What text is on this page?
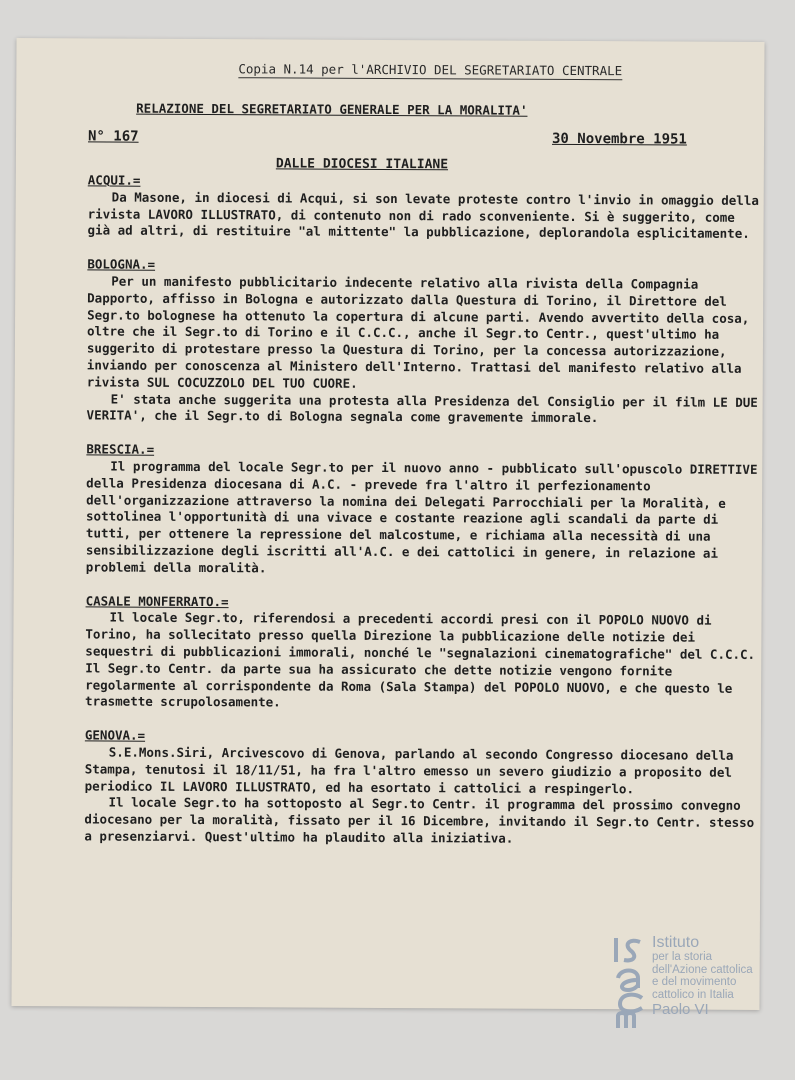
Copia N.14 per l'ARCHIVIO DEL SEGRETARIATO CENTRALE
RELAZIONE DEL SEGRETARIATO GENERALE PER LA MORALITA'
N° 167	30 Novembre 1951
DALLE DIOCESI ITALIANE
ACQUI.=

Da Masone, in diocesi di Acqui, si son levate proteste contro l'invio in omaggio della rivista LAVORO ILLUSTRATO, di contenuto non di rado sconveniente. Si è suggerito, come già ad altri, di restituire "al mittente" la pubblicazione, deplorandola esplicitamente.

BOLOGNA.=

Per un manifesto pubblicitario indecente relativo alla rivista della Compagnia Dapporto, affisso in Bologna e autorizzato dalla Questura di Torino, il Direttore del Segr.to bolognese ha ottenuto la copertura di alcune parti. Avendo avvertito della cosa, oltre che il Segr.to di Torino e il C.C.C., anche il Segr.to Centr., quest'ultimo ha suggerito di protestare presso la Questura di Torino, per la concessa autorizzazione, inviando per conoscenza al Ministero dell'Interno. Trattasi del manifesto relativo alla rivista SUL COCUZZOLO DEL TUO CUORE.

E' stata anche suggerita una protesta alla Presidenza del Consiglio per il film LE DUE VERITA', che il Segr.to di Bologna segnala come gravemente immorale.

BRESCIA.=

Il programma del locale Segr.to per il nuovo anno - pubblicato sull'opuscolo DIRETTIVE della Presidenza diocesana di A.C. - prevede fra l'altro il perfezionamento dell'organizzazione attraverso la nomina dei Delegati Parrocchiali per la Moralità, e sottolinea l'opportunità di una vivace e costante reazione agli scandali da parte di tutti, per ottenere la repressione del malcostume, e richiama alla necessità di una sensibilizzazione degli iscritti all'A.C. e dei cattolici in genere, in relazione ai problemi della moralità.

CASALE MONFERRATO.=

Il locale Segr.to, riferendosi a precedenti accordi presi con il POPOLO NUOVO di Torino, ha sollecitato presso quella Direzione la pubblicazione delle notizie dei sequestri di pubblicazioni immorali, nonché le "segnalazioni cinematografiche" del C.C.C. Il Segr.to Centr. da parte sua ha assicurato che dette notizie vengono fornite regolarmente al corrispondente da Roma (Sala Stampa) del POPOLO NUOVO, e che questo le trasmette scrupolosamente.

GENOVA.=

S.E.Mons.Siri, Arcivescovo di Genova, parlando al secondo Congresso diocesano della Stampa, tenutosi il 18/11/51, ha fra l'altro emesso un severo giudizio a proposito del periodico IL LAVORO ILLUSTRATO, ed ha esortato i cattolici a respingerlo.

Il locale Segr.to ha sottoposto al Segr.to Centr. il programma del prossimo convegno diocesano per la moralità, fissato per il 16 Dicembre, invitando il Segr.to Centr. stesso a presenziarvi. Quest'ultimo ha plaudito alla iniziativa.

Istituto
per la storia
dell'Azione cattolica
e del movimento
cattolico in Italia
Paolo VI
